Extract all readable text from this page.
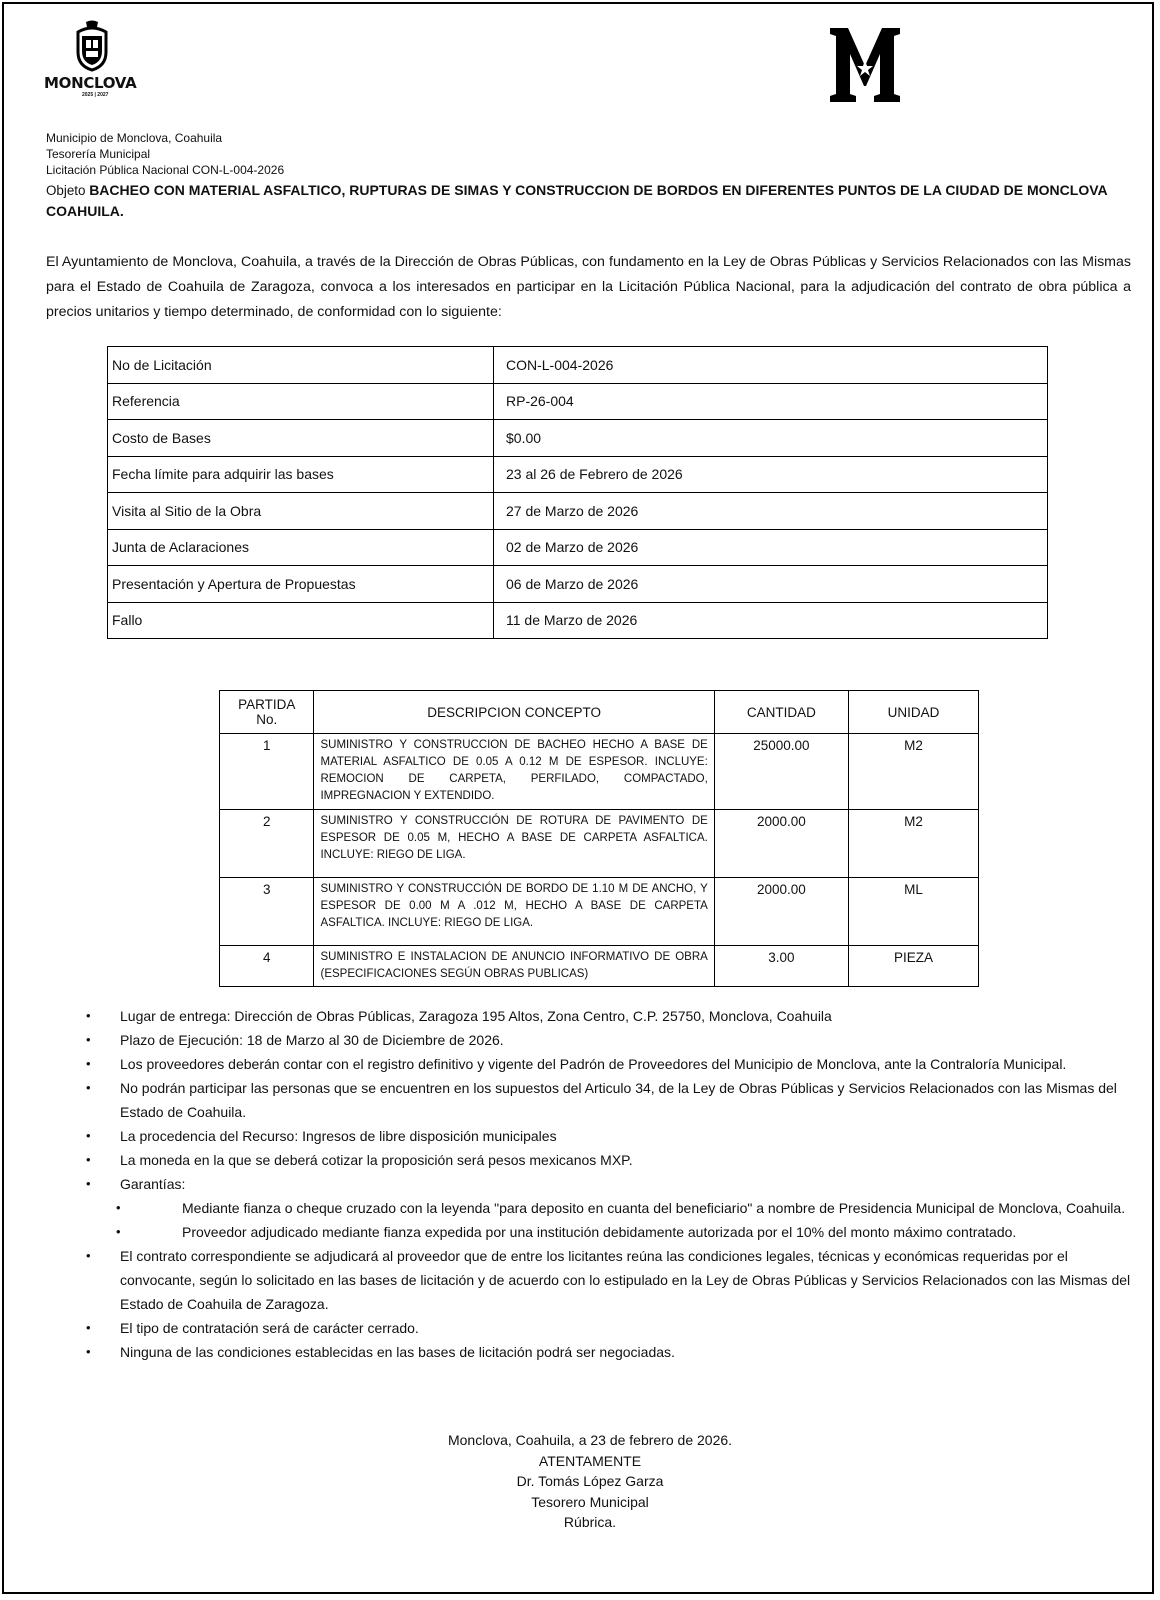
MONCLOVA
2025 | 2027
Municipio de Monclova, Coahuila
Tesorería Municipal
Licitación Pública Nacional CON-L-004-2026
Objeto BACHEO CON MATERIAL ASFALTICO, RUPTURAS DE SIMAS Y CONSTRUCCION DE BORDOS EN DIFERENTES PUNTOS DE LA CIUDAD DE MONCLOVA COAHUILA.
El Ayuntamiento de Monclova, Coahuila, a través de la Dirección de Obras Públicas, con fundamento en la Ley de Obras Públicas y Servicios Relacionados con las Mismas para el Estado de Coahuila de Zaragoza, convoca a los interesados en participar en la Licitación Pública Nacional, para la adjudicación del contrato de obra pública a precios unitarios y tiempo determinado, de conformidad con lo siguiente:
No de Licitación	CON-L-004-2026
Referencia	RP-26-004
Costo de Bases	$0.00
Fecha límite para adquirir las bases	23 al 26 de Febrero de 2026
Visita al Sitio de la Obra	27 de Marzo de 2026
Junta de Aclaraciones	02 de Marzo de 2026
Presentación y Apertura de Propuestas	06 de Marzo de 2026
Fallo	11 de Marzo de 2026
PARTIDA
No.	DESCRIPCION CONCEPTO	CANTIDAD	UNIDAD
1	SUMINISTRO Y CONSTRUCCION DE BACHEO HECHO A BASE DE MATERIAL ASFALTICO DE 0.05 A 0.12 M DE ESPESOR. INCLUYE: REMOCION DE CARPETA, PERFILADO, COMPACTADO, IMPREGNACION Y EXTENDIDO.	25000.00	M2
2	SUMINISTRO Y CONSTRUCCIÓN DE ROTURA DE PAVIMENTO DE ESPESOR DE 0.05 M, HECHO A BASE DE CARPETA ASFALTICA. INCLUYE: RIEGO DE LIGA.	2000.00	M2
3	SUMINISTRO Y CONSTRUCCIÓN DE BORDO DE 1.10 M DE ANCHO, Y ESPESOR DE 0.00 M A .012 M, HECHO A BASE DE CARPETA ASFALTICA. INCLUYE: RIEGO DE LIGA.	2000.00	ML
4	SUMINISTRO E INSTALACION DE ANUNCIO INFORMATIVO DE OBRA (ESPECIFICACIONES SEGÚN OBRAS PUBLICAS)	3.00	PIEZA
• Lugar de entrega: Dirección de Obras Públicas, Zaragoza 195 Altos, Zona Centro, C.P. 25750, Monclova, Coahuila
• Plazo de Ejecución: 18 de Marzo al 30 de Diciembre de 2026.
• Los proveedores deberán contar con el registro definitivo y vigente del Padrón de Proveedores del Municipio de Monclova, ante la Contraloría Municipal.
• No podrán participar las personas que se encuentren en los supuestos del Articulo 34, de la Ley de Obras Públicas y Servicios Relacionados con las Mismas del Estado de Coahuila.
• La procedencia del Recurso: Ingresos de libre disposición municipales
• La moneda en la que se deberá cotizar la proposición será pesos mexicanos MXP.
• Garantías:
• Mediante fianza o cheque cruzado con la leyenda "para deposito en cuanta del beneficiario" a nombre de Presidencia Municipal de Monclova, Coahuila.
• Proveedor adjudicado mediante fianza expedida por una institución debidamente autorizada por el 10% del monto máximo contratado.
• El contrato correspondiente se adjudicará al proveedor que de entre los licitantes reúna las condiciones legales, técnicas y económicas requeridas por el convocante, según lo solicitado en las bases de licitación y de acuerdo con lo estipulado en la Ley de Obras Públicas y Servicios Relacionados con las Mismas del Estado de Coahuila de Zaragoza.
• El tipo de contratación será de carácter cerrado.
• Ninguna de las condiciones establecidas en las bases de licitación podrá ser negociadas.
Monclova, Coahuila, a 23 de febrero de 2026.
ATENTAMENTE
Dr. Tomás López Garza
Tesorero Municipal
Rúbrica.
